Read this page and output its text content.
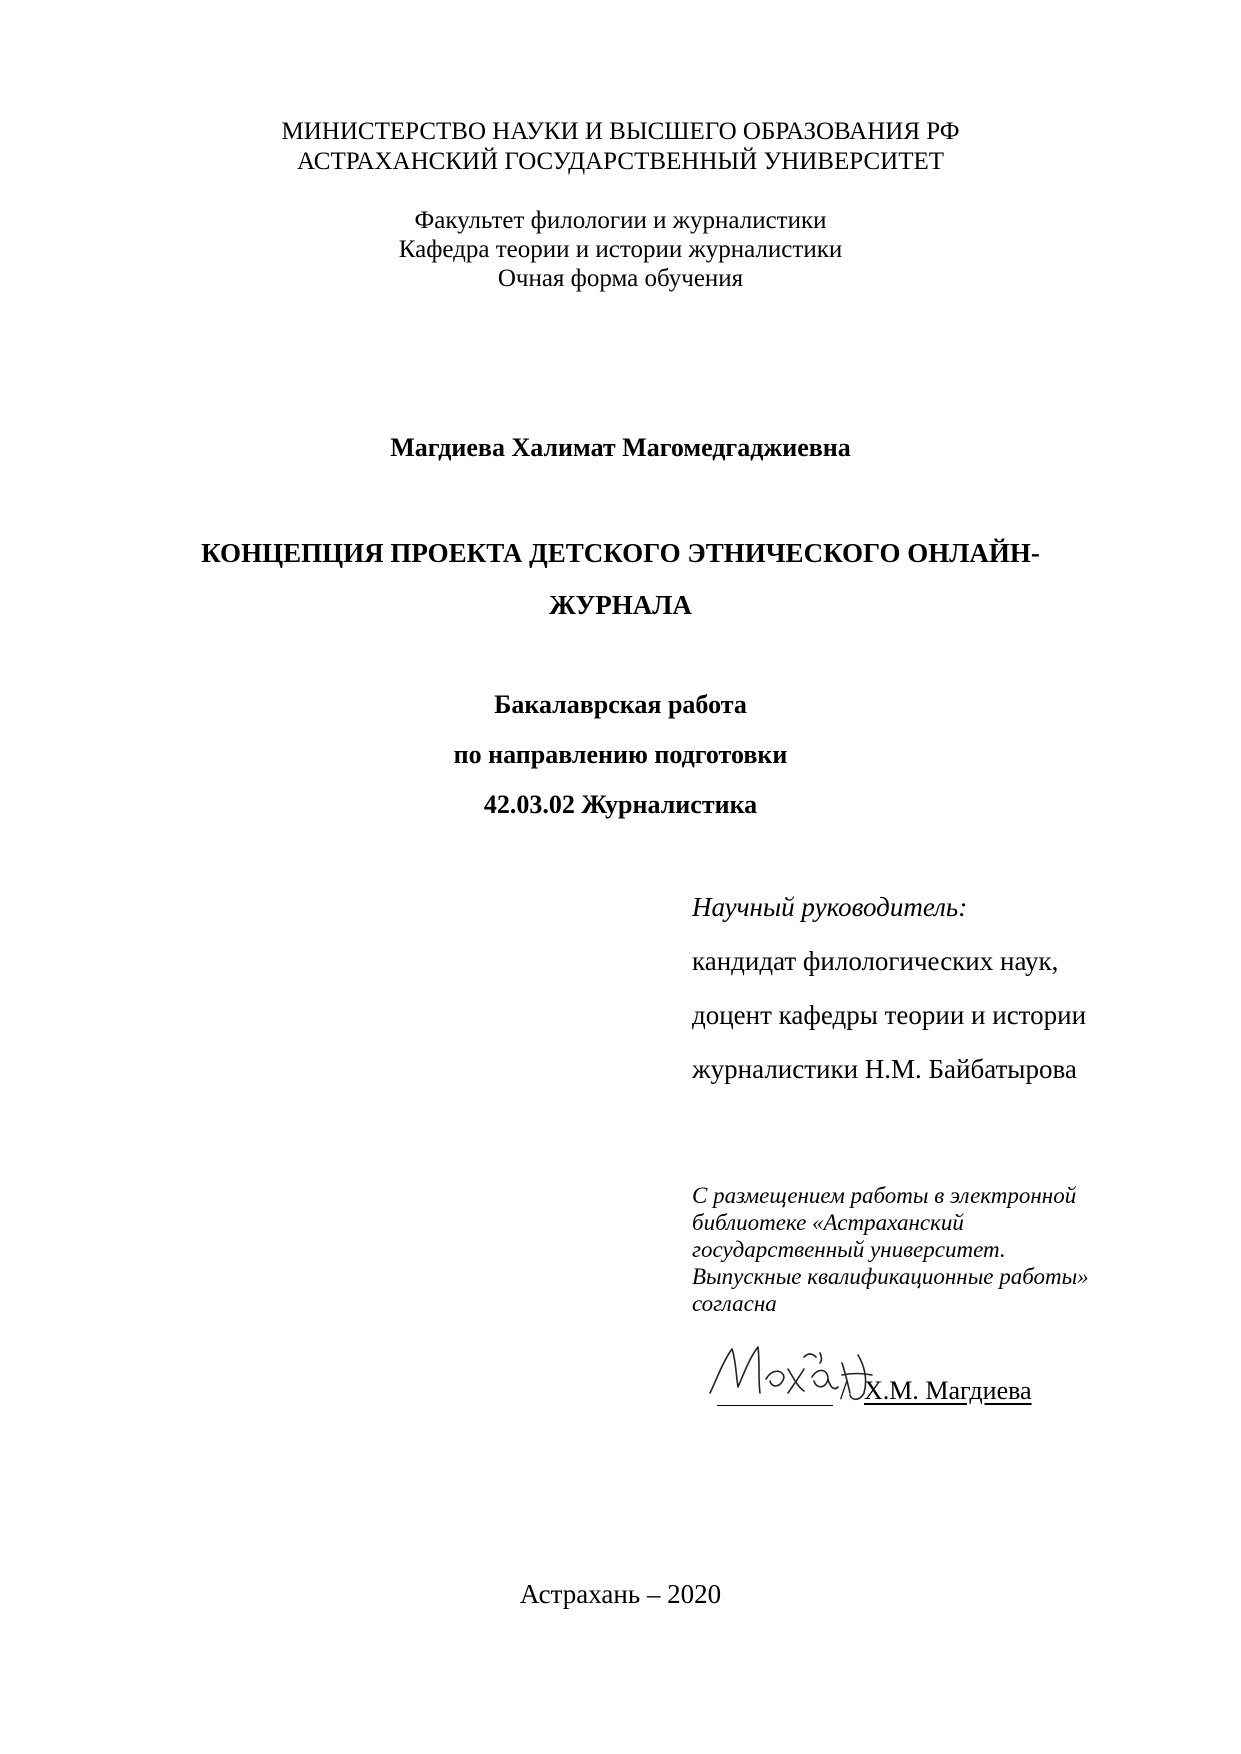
МИНИСТЕРСТВО НАУКИ И ВЫСШЕГО ОБРАЗОВАНИЯ РФ
АСТРАХАНСКИЙ ГОСУДАРСТВЕННЫЙ УНИВЕРСИТЕТ
Факультет филологии и журналистики
Кафедра теории и истории журналистики
Очная форма обучения
Магдиева Халимат Магомедгаджиевна
КОНЦЕПЦИЯ ПРОЕКТА ДЕТСКОГО ЭТНИЧЕСКОГО ОНЛАЙН-
ЖУРНАЛА
Бакалаврская работа
по направлению подготовки
42.03.02 Журналистика
Научный руководитель:
кандидат филологических наук,
доцент кафедры теории и истории
журналистики Н.М. Байбатырова
С размещением работы в электронной
библиотеке «Астраханский
государственный университет.
Выпускные квалификационные работы»
согласна
/ Х.М. Магдиева
Астрахань – 2020
